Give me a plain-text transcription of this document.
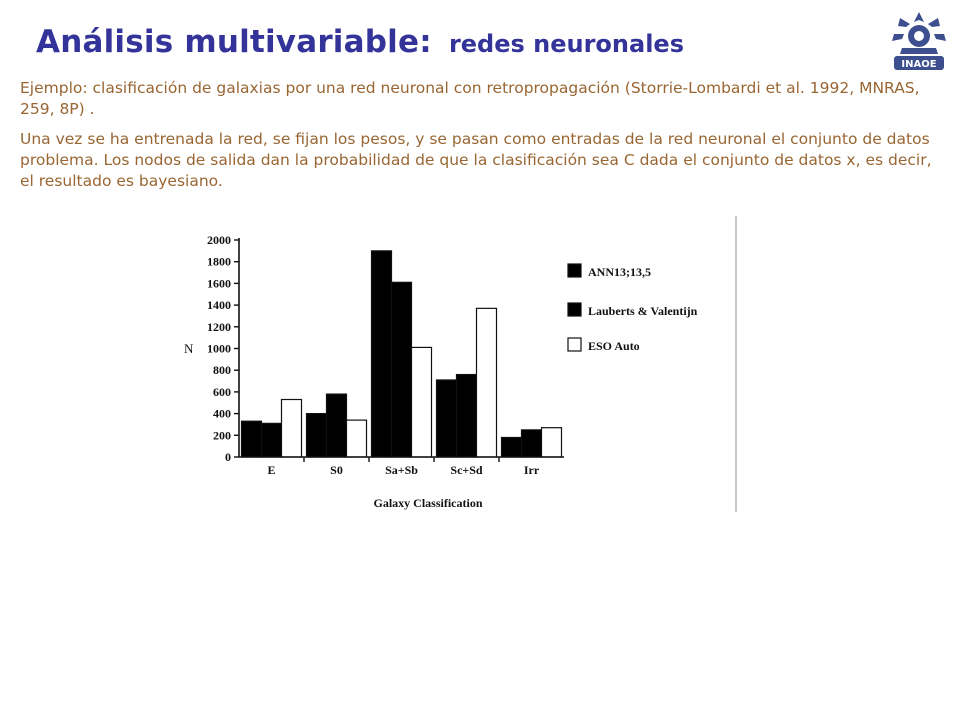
Análisis multivariable: redes neuronales
INAOE

Ejemplo: clasificación de galaxias por una red neuronal con retropropagación (Storrie-Lombardi et al. 1992, MNRAS, 259, 8P) .

Una vez se ha entrenada la red, se fijan los pesos, y se pasan como entradas de la red neuronal el conjunto de datos problema. Los nodos de salida dan la probabilidad de que la clasificación sea C dada el conjunto de datos x, es decir, el resultado es bayesiano.

0
200
400
600
800
1000
1200
1400
1600
1800
2000
E	S0	Sa+Sb	Sc+Sd	Irr
ANN13;13,5
Lauberts & Valentijn
ESO Auto
N
Galaxy Classification
